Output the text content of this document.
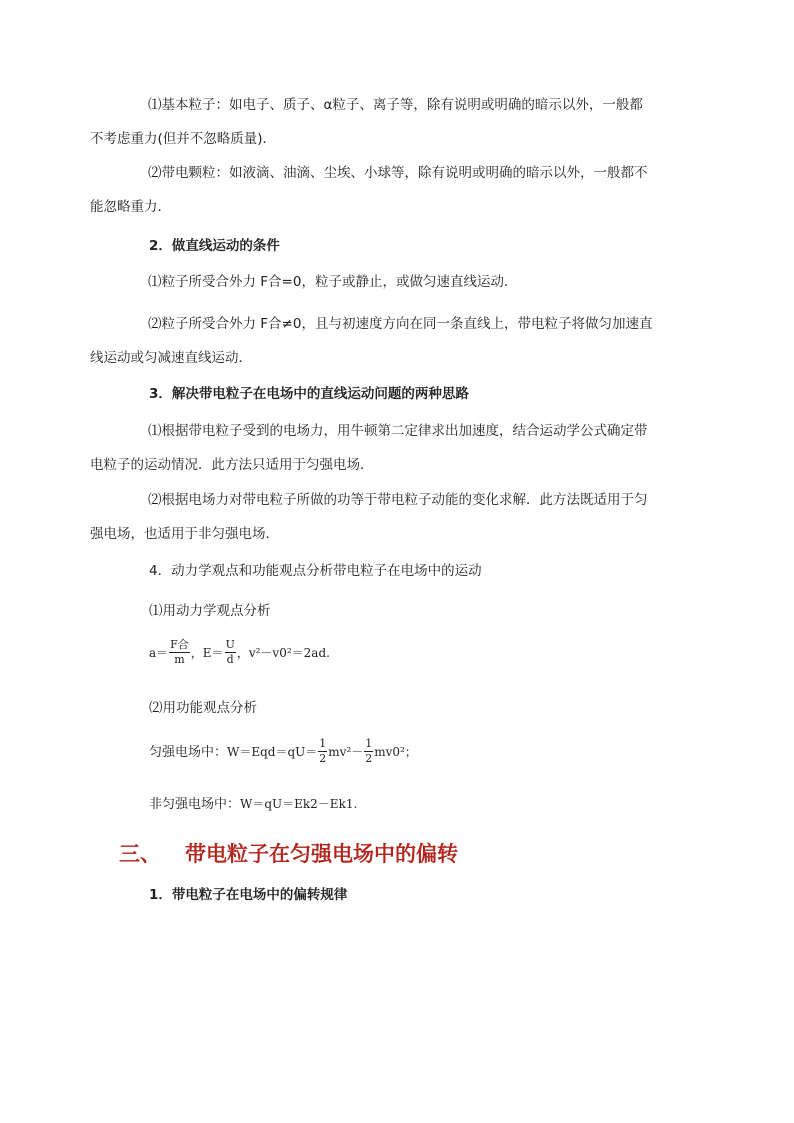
⑴基本粒子：如电子、质子、α粒子、离子等，除有说明或明确的暗示以外，一般都
不考虑重力(但并不忽略质量)．

⑵带电颗粒：如液滴、油滴、尘埃、小球等，除有说明或明确的暗示以外，一般都不
能忽略重力．

2．做直线运动的条件

⑴粒子所受合外力 F合=0，粒子或静止，或做匀速直线运动．

⑵粒子所受合外力 F合≠0，且与初速度方向在同一条直线上，带电粒子将做匀加速直
线运动或匀减速直线运动．

3．解决带电粒子在电场中的直线运动问题的两种思路

⑴根据带电粒子受到的电场力，用牛顿第二定律求出加速度，结合运动学公式确定带
电粒子的运动情况．此方法只适用于匀强电场．

⑵根据电场力对带电粒子所做的功等于带电粒子动能的变化求解．此方法既适用于匀
强电场，也适用于非匀强电场．

4．动力学观点和功能观点分析带电粒子在电场中的运动

⑴用动力学观点分析

$a= \frac{\text{F合}}{m}$ ，$E= \frac{U}{d}$ ，v²－v0²＝2ad.

⑵用功能观点分析

匀强电场中：$W=Eqd=qU= \frac{1}{2} mv^2- \frac{1}{2} mv0^2$；
非匀强电场中：W＝qU＝Ek2－Ek1.
三、 带电粒子在匀强电场中的偏转

1．带电粒子在电场中的偏转规律
